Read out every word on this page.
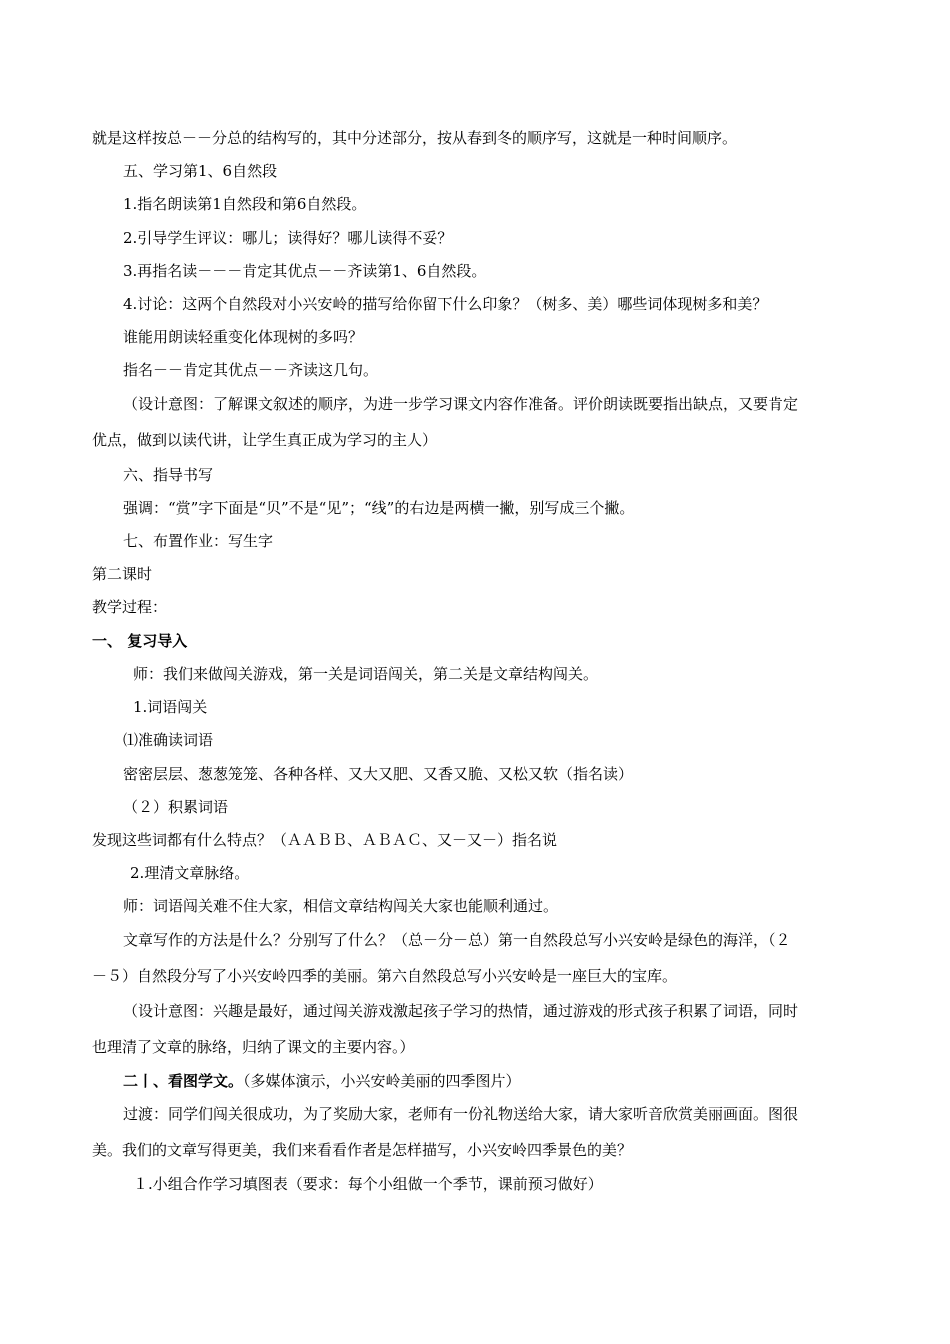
就是这样按总－－分总的结构写的，其中分述部分，按从春到冬的顺序写，这就是一种时间顺序。
五、学习第1、6自然段
1.指名朗读第1自然段和第6自然段。
2.引导学生评议：哪儿；读得好？哪儿读得不妥？
3.再指名读－－－肯定其优点－－齐读第1、6自然段。
4.讨论：这两个自然段对小兴安岭的描写给你留下什么印象？（树多、美）哪些词体现树多和美？
谁能用朗读轻重变化体现树的多吗？
指名－－肯定其优点－－齐读这几句。
（设计意图：了解课文叙述的顺序，为进一步学习课文内容作准备。评价朗读既要指出缺点，又要肯定
优点，做到以读代讲，让学生真正成为学习的主人）
六、指导书写
强调：“赏”字下面是“贝”不是“见”；“线”的右边是两横一撇，别写成三个撇。
七、布置作业：写生字
第二课时
教学过程：
一、 复习导入
师：我们来做闯关游戏，第一关是词语闯关，第二关是文章结构闯关。
1.词语闯关
⑴准确读词语
密密层层、葱葱笼笼、各种各样、又大又肥、又香又脆、又松又软（指名读）
（２）积累词语
发现这些词都有什么特点？（ＡＡＢＢ、ＡＢＡＣ、又－又－）指名说
2.理清文章脉络。
师：词语闯关难不住大家，相信文章结构闯关大家也能顺利通过。
文章写作的方法是什么？分别写了什么？（总－分－总）第一自然段总写小兴安岭是绿色的海洋，（２
－５）自然段分写了小兴安岭四季的美丽。第六自然段总写小兴安岭是一座巨大的宝库。
（设计意图：兴趣是最好，通过闯关游戏激起孩子学习的热情，通过游戏的形式孩子积累了词语，同时
也理清了文章的脉络，归纳了课文的主要内容。）
二丨、看图学文。（多媒体演示，小兴安岭美丽的四季图片）
过渡：同学们闯关很成功，为了奖励大家，老师有一份礼物送给大家，请大家听音欣赏美丽画面。图很
美。我们的文章写得更美，我们来看看作者是怎样描写，小兴安岭四季景色的美？
１.小组合作学习填图表（要求：每个小组做一个季节，课前预习做好）
